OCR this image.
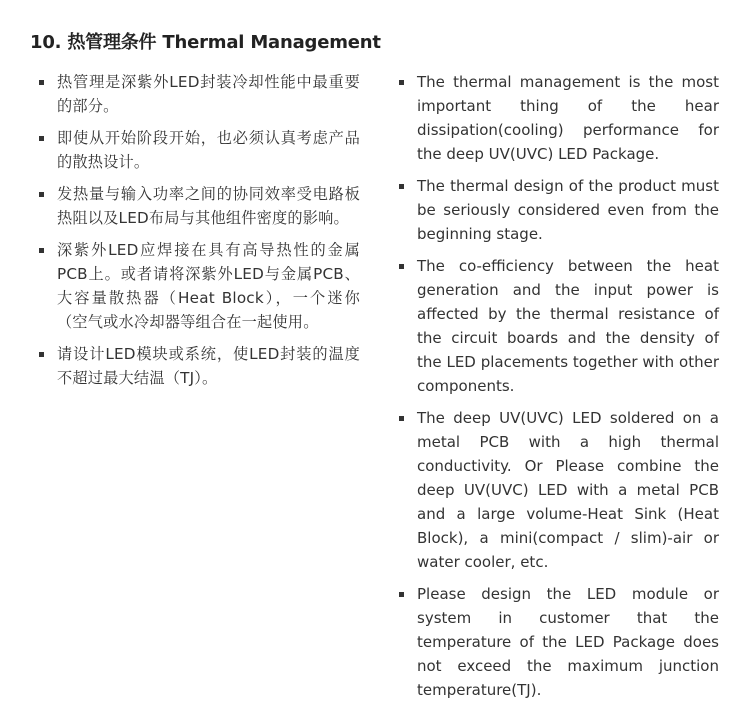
10. 热管理条件 Thermal Management
热管理是深紫外LED封装冷却性能中最重要的部分。
即使从开始阶段开始，也必须认真考虑产品的散热设计。
发热量与输入功率之间的协同效率受电路板热阻以及LED布局与其他组件密度的影响。
深紫外LED应焊接在具有高导热性的金属PCB上。或者请将深紫外LED与金属PCB、大容量散热器（Heat Block），一个迷你（空气或水冷却器等组合在一起使用。
请设计LED模块或系统，使LED封装的温度不超过最大结温（TJ）。
The thermal management is the most important thing of the hear dissipation(cooling) performance for the deep UV(UVC) LED Package.
The thermal design of the product must be seriously considered even from the beginning stage.
The co-efficiency between the heat generation and the input power is affected by the thermal resistance of the circuit boards and the density of the LED placements together with other components.
The deep UV(UVC) LED soldered on a metal PCB with a high thermal conductivity. Or Please combine the deep UV(UVC) LED with a metal PCB and a large volume-Heat Sink (Heat Block), a mini(compact / slim)-air or water cooler, etc.
Please design the LED module or system in customer that the temperature of the LED Package does not exceed the maximum junction temperature(TJ).
